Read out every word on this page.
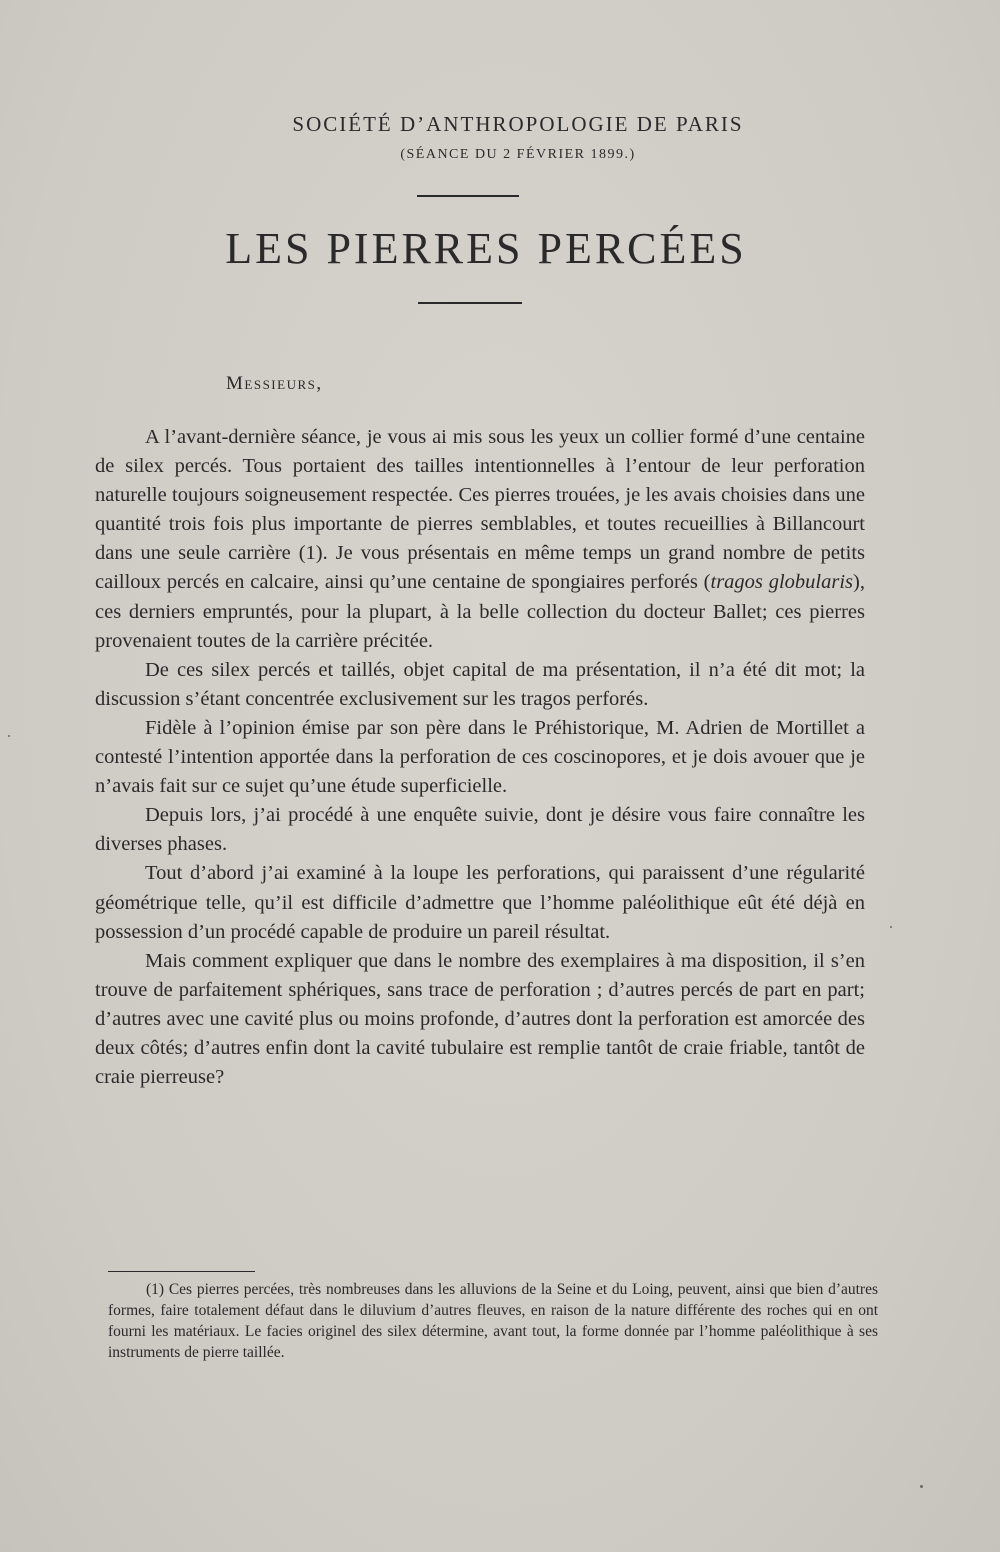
SOCIÉTÉ D’ANTHROPOLOGIE DE PARIS
(SÉANCE DU 2 FÉVRIER 1899.)
LES PIERRES PERCÉES
Messieurs,

A l’avant-dernière séance, je vous ai mis sous les yeux un collier formé d’une centaine de silex percés. Tous portaient des tailles intentionnelles à l’entour de leur perforation naturelle toujours soigneusement respectée. Ces pierres trouées, je les avais choisies dans une quantité trois fois plus importante de pierres semblables, et toutes recueillies à Billancourt dans une seule carrière (1). Je vous présentais en même temps un grand nombre de petits cailloux percés en calcaire, ainsi qu’une centaine de spongiaires perforés (tragos globularis), ces derniers empruntés, pour la plupart, à la belle collection du docteur Ballet; ces pierres provenaient toutes de la carrière précitée.

De ces silex percés et taillés, objet capital de ma présentation, il n’a été dit mot; la discussion s’étant concentrée exclusivement sur les tragos perforés.

Fidèle à l’opinion émise par son père dans le Préhistorique, M. Adrien de Mortillet a contesté l’intention apportée dans la perforation de ces coscinopores, et je dois avouer que je n’avais fait sur ce sujet qu’une étude superficielle.

Depuis lors, j’ai procédé à une enquête suivie, dont je désire vous faire connaître les diverses phases.

Tout d’abord j’ai examiné à la loupe les perforations, qui paraissent d’une régularité géométrique telle, qu’il est difficile d’admettre que l’homme paléolithique eût été déjà en possession d’un procédé capable de produire un pareil résultat.

Mais comment expliquer que dans le nombre des exemplaires à ma disposition, il s’en trouve de parfaitement sphériques, sans trace de perforation ; d’autres percés de part en part; d’autres avec une cavité plus ou moins profonde, d’autres dont la perforation est amorcée des deux côtés; d’autres enfin dont la cavité tubulaire est remplie tantôt de craie friable, tantôt de craie pierreuse?

(1) Ces pierres percées, très nombreuses dans les alluvions de la Seine et du Loing, peuvent, ainsi que bien d’autres formes, faire totalement défaut dans le diluvium d’autres fleuves, en raison de la nature différente des roches qui en ont fourni les matériaux. Le facies originel des silex détermine, avant tout, la forme donnée par l’homme paléolithique à ses instruments de pierre taillée.
